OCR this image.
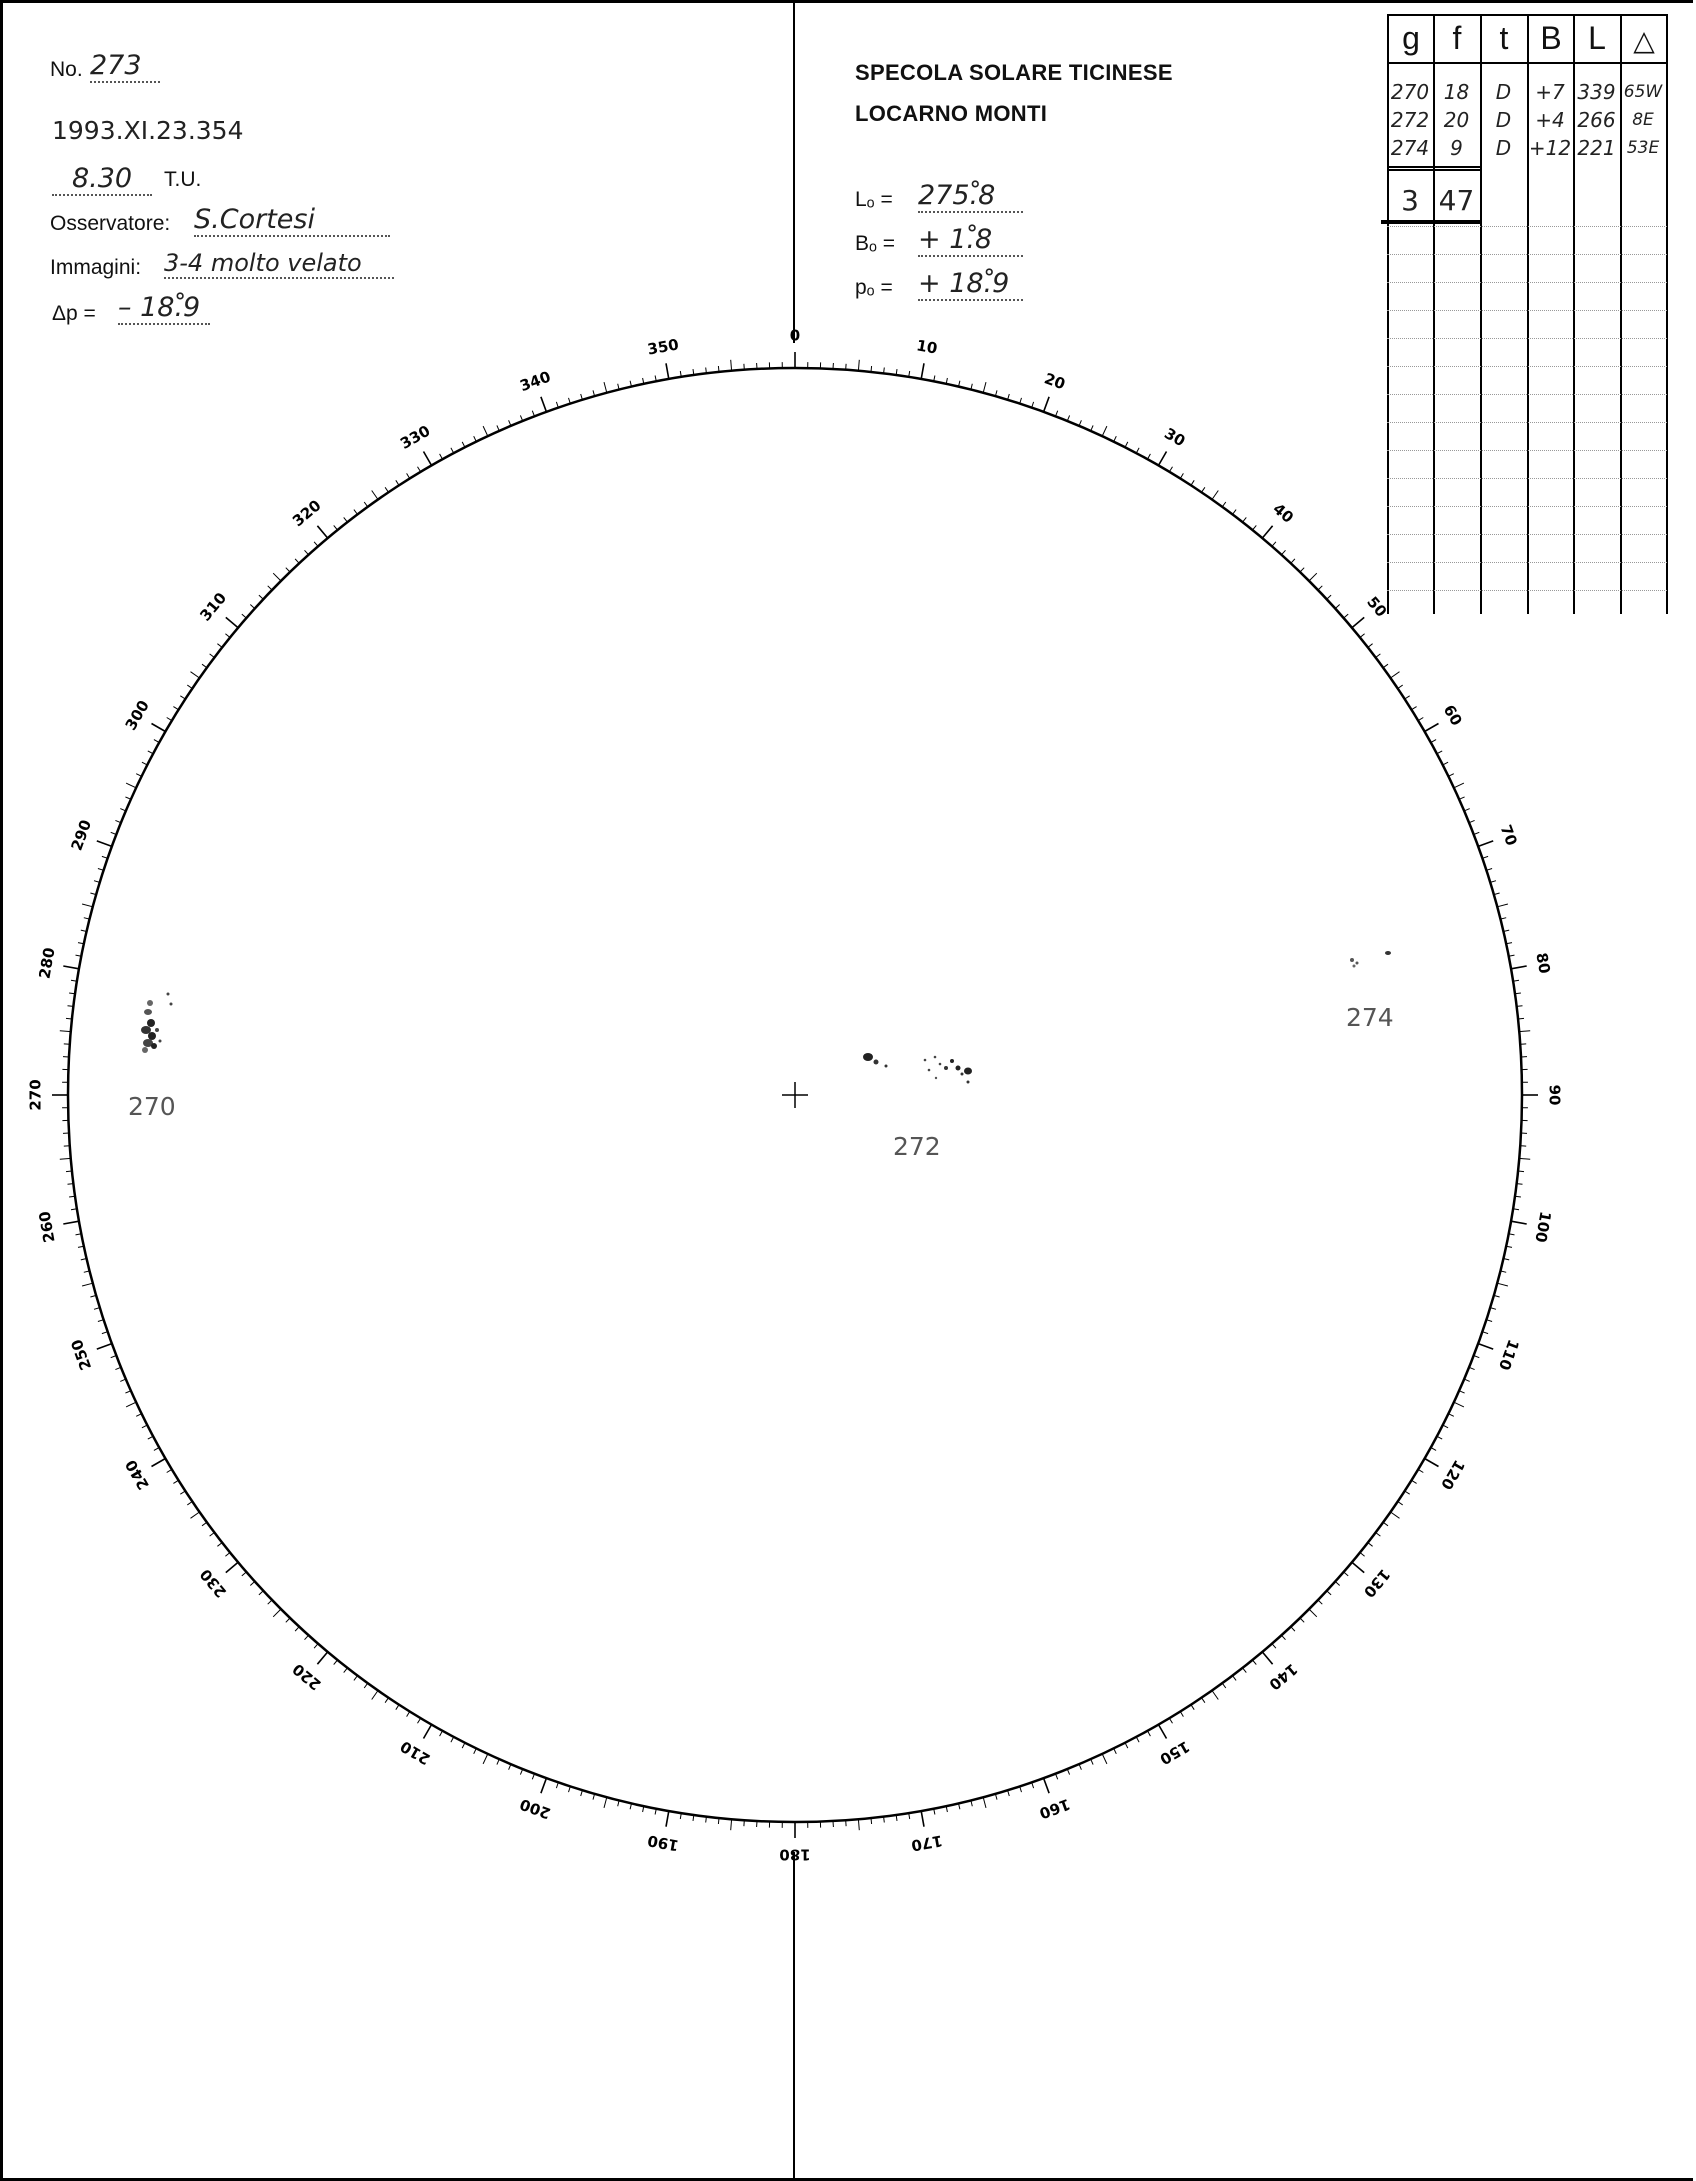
No. 273
1993.XI.23.354
8.30	T.U.
Osservatore: S.Cortesi
Immagini: 3-4 molto velato
Δp = – 18.̊9
SPECOLA SOLARE TICINESE
LOCARNO MONTI
Lₒ = 275.̊8
Bₒ = + 1.̊8
pₒ = + 18.̊9
g	f	t B L △
270 18	D	+7 339 65W
272 20	D	+4 266 8E
274	9	D +12 221 53E
3 47
0
10
20
30
40
50
60
70
80
90
100
110
120
130
140
150
160
170
180
190
200
210
220
230
240
250
260
270
280
290
300
310
320
330
340
350
270
272
274
